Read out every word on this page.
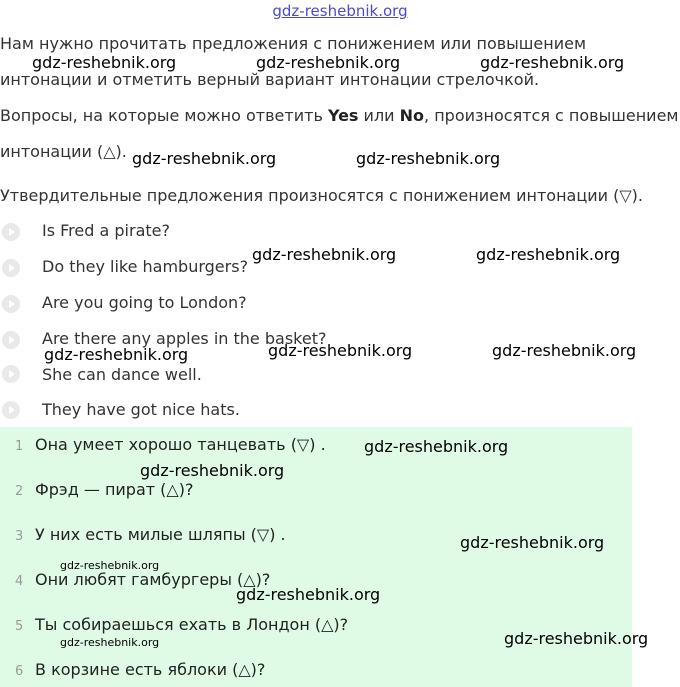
gdz-reshebnik.org
Нам нужно прочитать предложения с понижением или повышением
интонации и отметить верный вариант интонации стрелочкой.
Вопросы, на которые можно ответить Yes или No, произносятся с повышением
интонации (△).
Утвердительные предложения произносятся с понижением интонации (▽).
Is Fred a pirate?
Do they like hamburgers?
Are you going to London?
Are there any apples in the basket?
She can dance well.
They have got nice hats.
1 Она умеет хорошо танцевать (▽) .
2 Фрэд — пират (△)?
3 У них есть милые шляпы (▽) .
4 Они любят гамбургеры (△)?
5 Ты собираешься ехать в Лондон (△)?
6 В корзине есть яблоки (△)?
gdz-reshebnik.org	gdz-reshebnik.org	gdz-reshebnik.org
gdz-reshebnik.org	gdz-reshebnik.org
gdz-reshebnik.org	gdz-reshebnik.org
gdz-reshebnik.org	gdz-reshebnik.org	gdz-reshebnik.org
gdz-reshebnik.org
gdz-reshebnik.org
gdz-reshebnik.org
gdz-reshebnik.org
gdz-reshebnik.org
gdz-reshebnik.org
gdz-reshebnik.org
